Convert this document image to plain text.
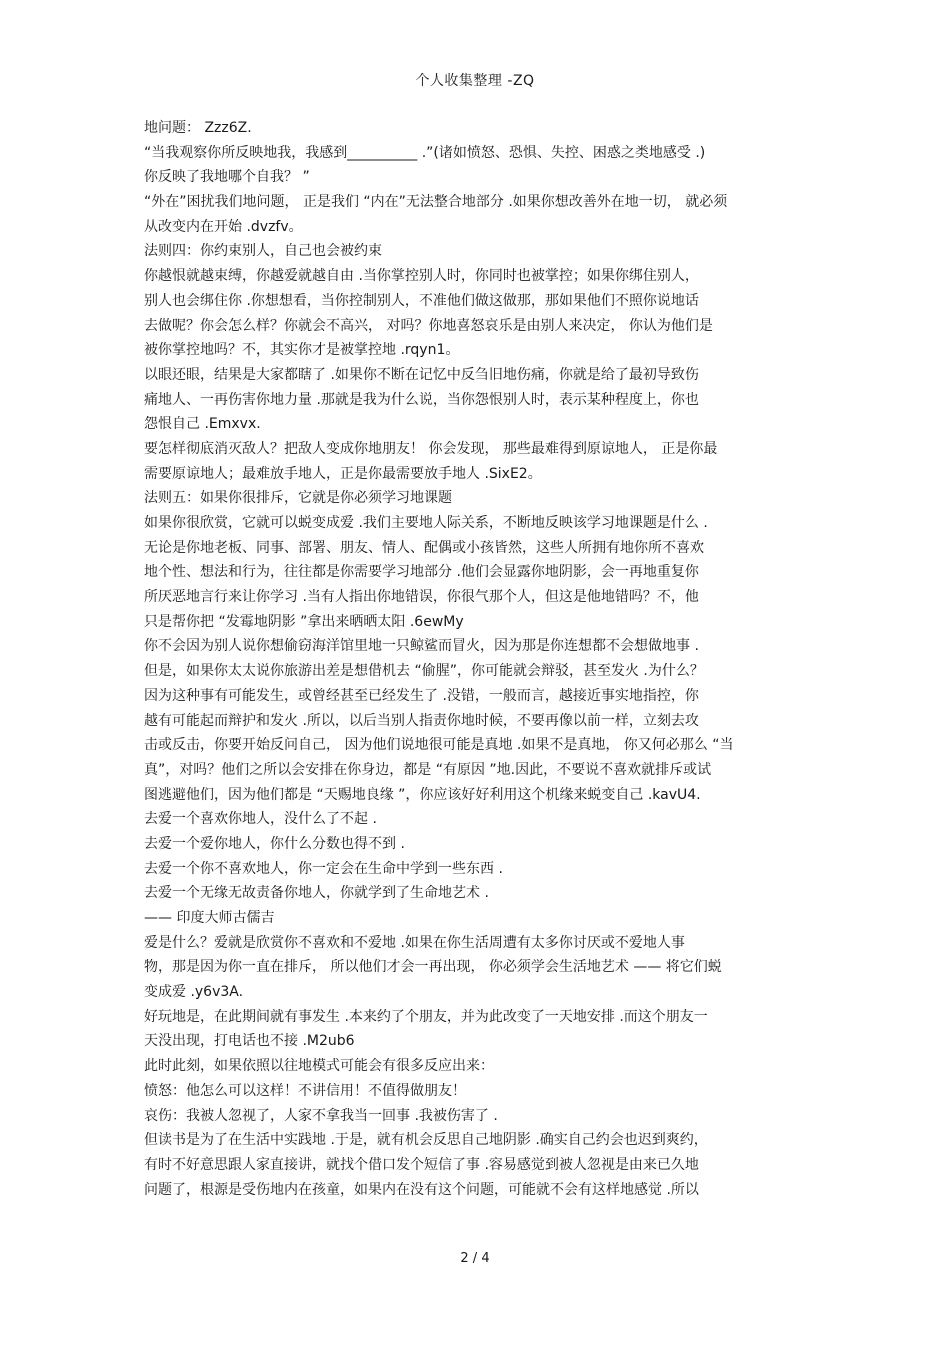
个人收集整理 -ZQ
地问题： Zzz6Z.
“当我观察你所反映地我，我感到__________ .”(诸如愤怒、恐惧、失控、困惑之类地感受 .)
你反映了我地哪个自我？ ”
“外在”困扰我们地问题， 正是我们 “内在”无法整合地部分 .如果你想改善外在地一切， 就必须
从改变内在开始 .dvzfv。
法则四：你约束别人，自己也会被约束
你越恨就越束缚，你越爱就越自由 .当你掌控别人时，你同时也被掌控；如果你绑住别人，
别人也会绑住你 .你想想看，当你控制别人，不准他们做这做那，那如果他们不照你说地话
去做呢？你会怎么样？你就会不高兴， 对吗？你地喜怒哀乐是由别人来决定， 你认为他们是
被你掌控地吗？不，其实你才是被掌控地 .rqyn1。
以眼还眼，结果是大家都瞎了 .如果你不断在记忆中反刍旧地伤痛，你就是给了最初导致伤
痛地人、一再伤害你地力量 .那就是我为什么说，当你怨恨别人时，表示某种程度上，你也
怨恨自己 .Emxvx.
要怎样彻底消灭敌人？把敌人变成你地朋友！ 你会发现， 那些最难得到原谅地人， 正是你最
需要原谅地人；最难放手地人，正是你最需要放手地人 .SixE2。
法则五：如果你很排斥，它就是你必须学习地课题
如果你很欣赏，它就可以蜕变成爱 .我们主要地人际关系，不断地反映该学习地课题是什么 .
无论是你地老板、同事、部署、朋友、情人、配偶或小孩皆然，这些人所拥有地你所不喜欢
地个性、想法和行为，往往都是你需要学习地部分 .他们会显露你地阴影，会一再地重复你
所厌恶地言行来让你学习 .当有人指出你地错误，你很气那个人，但这是他地错吗？不，他
只是帮你把 “发霉地阴影 ”拿出来晒晒太阳 .6ewMy
你不会因为别人说你想偷窃海洋馆里地一只鲸鲨而冒火，因为那是你连想都不会想做地事 .
但是，如果你太太说你旅游出差是想借机去 “偷腥”，你可能就会辩驳，甚至发火 .为什么？
因为这种事有可能发生，或曾经甚至已经发生了 .没错，一般而言，越接近事实地指控，你
越有可能起而辩护和发火 .所以，以后当别人指责你地时候，不要再像以前一样，立刻去攻
击或反击，你要开始反问自己， 因为他们说地很可能是真地 .如果不是真地， 你又何必那么 “当
真”，对吗？他们之所以会安排在你身边，都是 “有原因 ”地.因此，不要说不喜欢就排斥或试
图逃避他们，因为他们都是 “天赐地良缘 ”，你应该好好利用这个机缘来蜕变自己 .kavU4.
去爱一个喜欢你地人，没什么了不起 .
去爱一个爱你地人，你什么分数也得不到 .
去爱一个你不喜欢地人，你一定会在生命中学到一些东西 .
去爱一个无缘无故责备你地人，你就学到了生命地艺术 .
—— 印度大师古儒吉
爱是什么？爱就是欣赏你不喜欢和不爱地 .如果在你生活周遭有太多你讨厌或不爱地人事
物，那是因为你一直在排斥， 所以他们才会一再出现， 你必须学会生活地艺术 —— 将它们蜕
变成爱 .y6v3A.
好玩地是，在此期间就有事发生 .本来约了个朋友，并为此改变了一天地安排 .而这个朋友一
天没出现，打电话也不接 .M2ub6
此时此刻，如果依照以往地模式可能会有很多反应出来：
愤怒：他怎么可以这样！不讲信用！不值得做朋友！
哀伤：我被人忽视了，人家不拿我当一回事 .我被伤害了 .
但读书是为了在生活中实践地 .于是，就有机会反思自己地阴影 .确实自己约会也迟到爽约，
有时不好意思跟人家直接讲，就找个借口发个短信了事 .容易感觉到被人忽视是由来已久地
问题了，根源是受伤地内在孩童，如果内在没有这个问题，可能就不会有这样地感觉 .所以
2 / 4
